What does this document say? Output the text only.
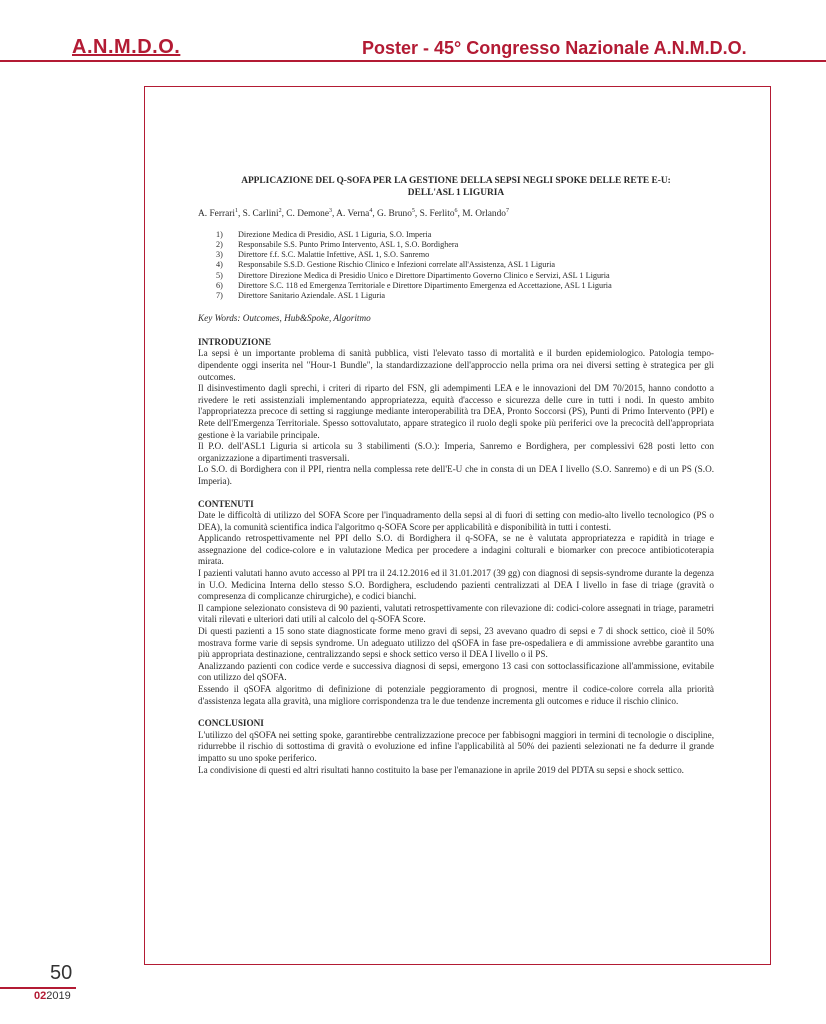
A.N.M.D.O.	Poster - 45° Congresso Nazionale A.N.M.D.O.
APPLICAZIONE DEL Q-SOFA PER LA GESTIONE DELLA SEPSI NEGLI SPOKE DELLE RETE E-U:
DELL'ASL 1 LIGURIA
A. Ferrari$^1$, S. Carlini$^2$, C. Demone$^3$, A. Verna$^4$, G. Bruno$^5$, S. Ferlito$^6$, M. Orlando$^7$
1)	Direzione Medica di Presidio, ASL 1 Liguria, S.O. Imperia
2)	Responsabile S.S. Punto Primo Intervento, ASL 1, S.O. Bordighera
3)	Direttore f.f. S.C. Malattie Infettive, ASL 1, S.O. Sanremo
4)	Responsabile S.S.D. Gestione Rischio Clinico e Infezioni correlate all'Assistenza, ASL 1 Liguria
5)	Direttore Direzione Medica di Presidio Unico e Direttore Dipartimento Governo Clinico e Servizi, ASL 1 Liguria
6)	Direttore S.C. 118 ed Emergenza Territoriale e Direttore Dipartimento Emergenza ed Accettazione, ASL 1 Liguria
7)	Direttore Sanitario Aziendale. ASL 1 Liguria
Key Words: Outcomes, Hub&Spoke, Algoritmo
INTRODUZIONE
La sepsi è un importante problema di sanità pubblica, visti l'elevato tasso di mortalità e il burden epidemiologico. Patologia tempo-dipendente oggi inserita nel "Hour-1 Bundle", la standardizzazione dell'approccio nella prima ora nei diversi setting è strategica per gli outcomes.
Il disinvestimento dagli sprechi, i criteri di riparto del FSN, gli adempimenti LEA e le innovazioni del DM 70/2015, hanno condotto a rivedere le reti assistenziali implementando appropriatezza, equità d'accesso e sicurezza delle cure in tutti i nodi. In questo ambito l'appropriatezza precoce di setting si raggiunge mediante interoperabilità tra DEA, Pronto Soccorsi (PS), Punti di Primo Intervento (PPI) e Rete dell'Emergenza Territoriale. Spesso sottovalutato, appare strategico il ruolo degli spoke più periferici ove la precocità dell'appropriata gestione è la variabile principale.
Il P.O. dell'ASL1 Liguria si articola su 3 stabilimenti (S.O.): Imperia, Sanremo e Bordighera, per complessivi 628 posti letto con organizzazione a dipartimenti trasversali.
Lo S.O. di Bordighera con il PPI, rientra nella complessa rete dell'E-U che in consta di un DEA I livello (S.O. Sanremo) e di un PS (S.O. Imperia).
CONTENUTI
Date le difficoltà di utilizzo del SOFA Score per l'inquadramento della sepsi al di fuori di setting con medio-alto livello tecnologico (PS o DEA), la comunità scientifica indica l'algoritmo q-SOFA Score per applicabilità e disponibilità in tutti i contesti.
Applicando retrospettivamente nel PPI dello S.O. di Bordighera il q-SOFA, se ne è valutata appropriatezza e rapidità in triage e assegnazione del codice-colore e in valutazione Medica per procedere a indagini colturali e biomarker con precoce antibioticoterapia mirata.
I pazienti valutati hanno avuto accesso al PPI tra il 24.12.2016 ed il 31.01.2017 (39 gg) con diagnosi di sepsis-syndrome durante la degenza in U.O. Medicina Interna dello stesso S.O. Bordighera, escludendo pazienti centralizzati al DEA I livello in fase di triage (gravità o compresenza di complicanze chirurgiche), e codici bianchi.
Il campione selezionato consisteva di 90 pazienti, valutati retrospettivamente con rilevazione di: codici-colore assegnati in triage, parametri vitali rilevati e ulteriori dati utili al calcolo del q-SOFA Score.
Di questi pazienti a 15 sono state diagnosticate forme meno gravi di sepsi, 23 avevano quadro di sepsi e 7 di shock settico, cioè il 50% mostrava forme varie di sepsis syndrome. Un adeguato utilizzo del qSOFA in fase pre-ospedaliera e di ammissione avrebbe garantito una più appropriata destinazione, centralizzando sepsi e shock settico verso il DEA I livello o il PS.
Analizzando pazienti con codice verde e successiva diagnosi di sepsi, emergono 13 casi con sottoclassificazione all'ammissione, evitabile con utilizzo del qSOFA.
Essendo il qSOFA algoritmo di definizione di potenziale peggioramento di prognosi, mentre il codice-colore correla alla priorità d'assistenza legata alla gravità, una migliore corrispondenza tra le due tendenze incrementa gli outcomes e riduce il rischio clinico.
CONCLUSIONI
L'utilizzo del qSOFA nei setting spoke, garantirebbe centralizzazione precoce per fabbisogni maggiori in termini di tecnologie o discipline, ridurrebbe il rischio di sottostima di gravità o evoluzione ed infine l'applicabilità al 50% dei pazienti selezionati ne fa dedurre il grande impatto su uno spoke periferico.
La condivisione di questi ed altri risultati hanno costituito la base per l'emanazione in aprile 2019 del PDTA su sepsi e shock settico.
50
022019
